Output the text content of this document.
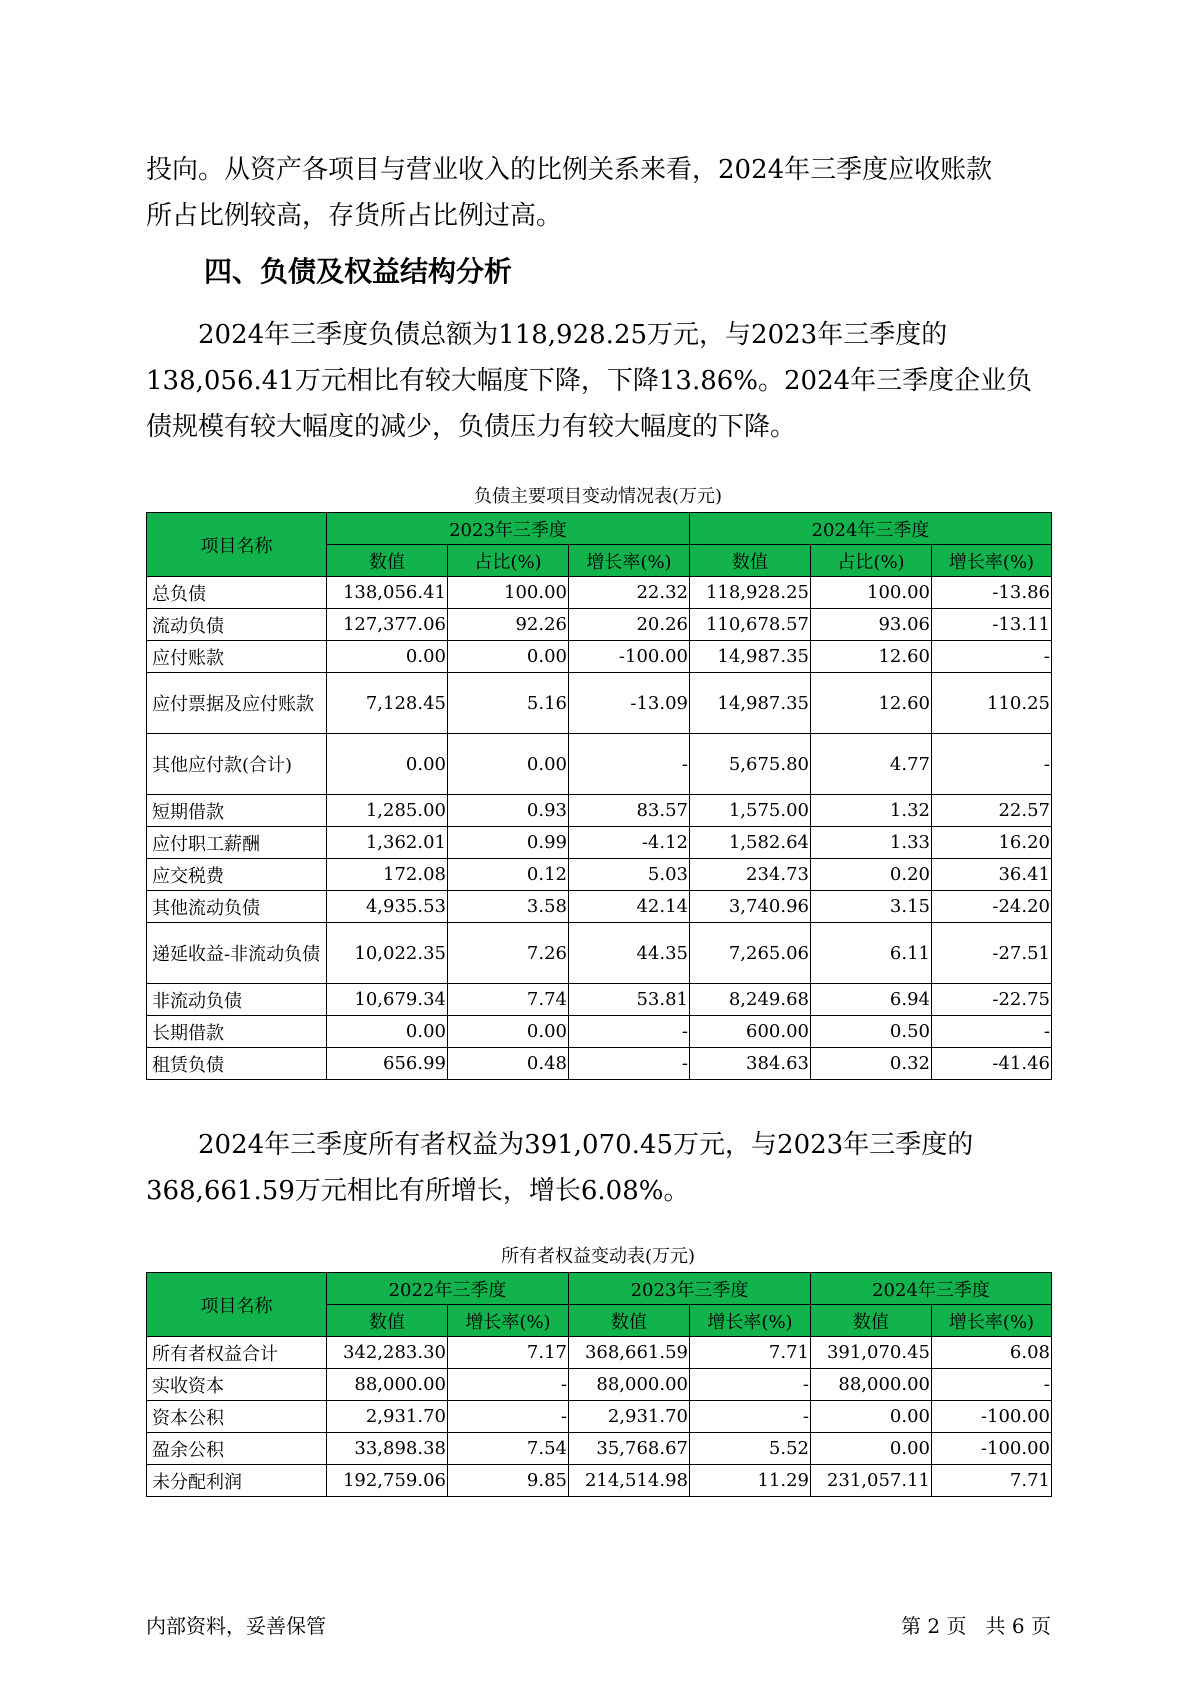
投向。从资产各项目与营业收入的比例关系来看，2024年三季度应收账款

所占比例较高，存货所占比例过高。

四、负债及权益结构分析

2024年三季度负债总额为118,928.25万元，与2023年三季度的

138,056.41万元相比有较大幅度下降，下降13.86%。2024年三季度企业负

债规模有较大幅度的减少，负债压力有较大幅度的下降。

负债主要项目变动情况表(万元)

项目名称	2023年三季度			2024年三季度		
	数值	占比(%)	增长率(%)	数值	占比(%)	增长率(%)
总负债	138,056.41	100.00	22.32	118,928.25	100.00	-13.86
流动负债	127,377.06	92.26	20.26	110,678.57	93.06	-13.11
应付账款	0.00	0.00	-100.00	14,987.35	12.60	-
应付票据及应付账款	7,128.45	5.16	-13.09	14,987.35	12.60	110.25
其他应付款(合计)	0.00	0.00	-	5,675.80	4.77	-
短期借款	1,285.00	0.93	83.57	1,575.00	1.32	22.57
应付职工薪酬	1,362.01	0.99	-4.12	1,582.64	1.33	16.20
应交税费	172.08	0.12	5.03	234.73	0.20	36.41
其他流动负债	4,935.53	3.58	42.14	3,740.96	3.15	-24.20
递延收益-非流动负债	10,022.35	7.26	44.35	7,265.06	6.11	-27.51
非流动负债	10,679.34	7.74	53.81	8,249.68	6.94	-22.75
长期借款	0.00	0.00	-	600.00	0.50	-
租赁负债	656.99	0.48	-	384.63	0.32	-41.46

2024年三季度所有者权益为391,070.45万元，与2023年三季度的

368,661.59万元相比有所增长，增长6.08%。

所有者权益变动表(万元)

项目名称	2022年三季度		2023年三季度		2024年三季度	
	数值	增长率(%)	数值	增长率(%)	数值	增长率(%)
所有者权益合计	342,283.30	7.17	368,661.59	7.71	391,070.45	6.08
实收资本	88,000.00	-	88,000.00	-	88,000.00	-
资本公积	2,931.70	-	2,931.70	-	0.00	-100.00
盈余公积	33,898.38	7.54	35,768.67	5.52	0.00	-100.00
未分配利润	192,759.06	9.85	214,514.98	11.29	231,057.11	7.71

内部资料，妥善保管	第 2 页   共 6 页
